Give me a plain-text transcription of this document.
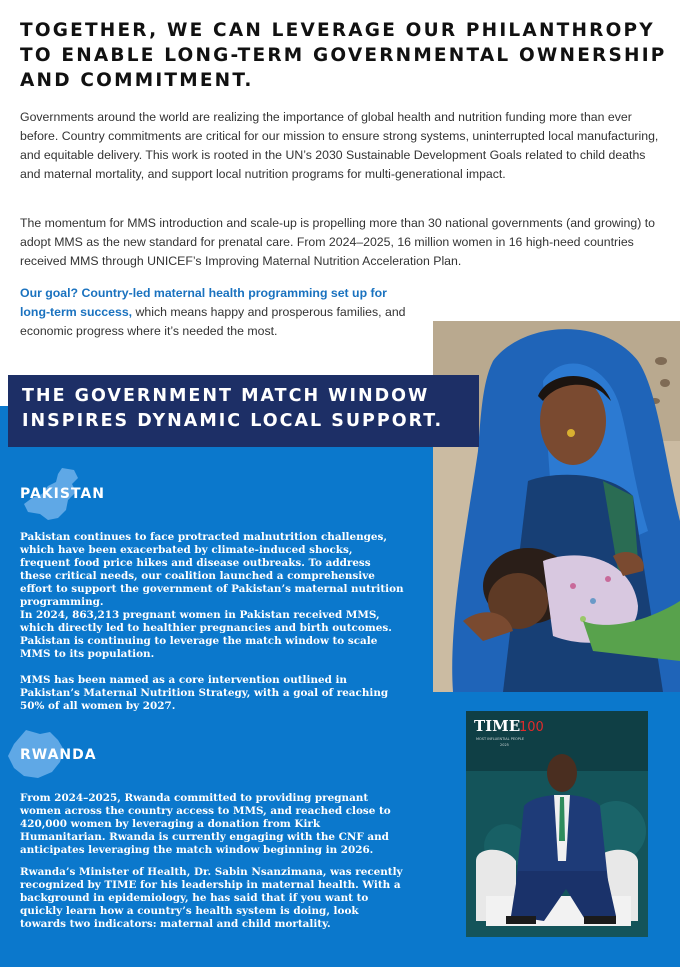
TOGETHER, WE CAN LEVERAGE OUR PHILANTHROPY TO ENABLE LONG-TERM GOVERNMENTAL OWNERSHIP AND COMMITMENT.

Governments around the world are realizing the importance of global health and nutrition funding more than ever before. Country commitments are critical for our mission to ensure strong systems, uninterrupted local manufacturing, and equitable delivery. This work is rooted in the UN’s 2030 Sustainable Development Goals related to child deaths and maternal mortality, and support local nutrition programs for multi-generational impact.

The momentum for MMS introduction and scale-up is propelling more than 30 national governments (and growing) to adopt MMS as the new standard for prenatal care. From 2024–2025, 16 million women in 16 high-need countries received MMS through UNICEF’s Improving Maternal Nutrition Acceleration Plan.

Our goal? Country-led maternal health programming set up for long-term success, which means happy and prosperous families, and economic progress where it’s needed the most.

THE GOVERNMENT MATCH WINDOW INSPIRES DYNAMIC LOCAL SUPPORT.
PAKISTAN

Pakistan continues to face protracted malnutrition challenges, which have been exacerbated by climate-induced shocks, frequent food price hikes and disease outbreaks. To address these critical needs, our coalition launched a comprehensive effort to support the government of Pakistan’s maternal nutrition programming.

In 2024, 863,213 pregnant women in Pakistan received MMS, which directly led to healthier pregnancies and birth outcomes. Pakistan is continuing to leverage the match window to scale MMS to its population.

MMS has been named as a core intervention outlined in Pakistan’s Maternal Nutrition Strategy, with a goal of reaching 50% of all women by 2027.

RWANDA

From 2024–2025, Rwanda committed to providing pregnant women across the country access to MMS, and reached close to 420,000 women by leveraging a donation from Kirk Humanitarian. Rwanda is currently engaging with the CNF and anticipates leveraging the match window beginning in 2026.

Rwanda’s Minister of Health, Dr. Sabin Nsanzimana, was recently recognized by TIME for his leadership in maternal health. With a background in epidemiology, he has said that if you want to quickly learn how a country’s health system is doing, look towards two indicators: maternal and child mortality.

TIME
100
MOST INFLUENTIAL PEOPLE
2025
